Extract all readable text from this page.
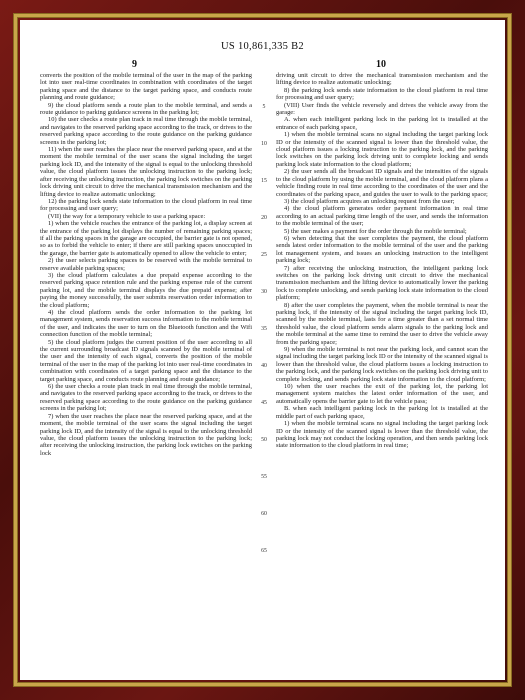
US 10,861,335 B2
9	10

converts the position of the mobile terminal of the user in the map of the parking lot into user real-time coordinates in combination with coordinates of the target parking space and the distance to the target parking space, and conducts route planning and route guidance;

9) the cloud platform sends a route plan to the mobile terminal, and sends a route guidance to parking guidance screens in the parking lot;

10) the user checks a route plan track in real time through the mobile terminal, and navigates to the reserved parking space according to the track, or drives to the reserved parking space according to the route guidance on the parking guidance screens in the parking lot;

11) when the user reaches the place near the reserved parking space, and at the moment the mobile terminal of the user scans the signal including the target parking lock ID, and the intensity of the signal is equal to the unlocking threshold value, the cloud platform issues the unlocking instruction to the parking lock; after receiving the unlocking instruction, the parking lock switches on the parking lock driving unit circuit to drive the mechanical transmission mechanism and the lifting device to realize automatic unlocking;

12) the parking lock sends state information to the cloud platform in real time for processing and user query;

(VII) the way for a temporary vehicle to use a parking space:

1) when the vehicle reaches the entrance of the parking lot, a display screen at the entrance of the parking lot displays the number of remaining parking spaces; if all the parking spaces in the garage are occupied, the barrier gate is not opened, so as to forbid the vehicle to enter; if there are still parking spaces unoccupied in the garage, the barrier gate is automatically opened to allow the vehicle to enter;

2) the user selects parking spaces to be reserved with the mobile terminal to reserve available parking spaces;

3) the cloud platform calculates a due prepaid expense according to the reserved parking space retention rule and the parking expense rule of the current parking lot, and the mobile terminal displays the due prepaid expense; after paying the money successfully, the user submits reservation order information to the cloud platform;

4) the cloud platform sends the order information to the parking lot management system, sends reservation success information to the mobile terminal of the user, and indicates the user to turn on the Bluetooth function and the Wifi connection function of the mobile terminal;

5) the cloud platform judges the current position of the user according to all the current surrounding broadcast ID signals scanned by the mobile terminal of the user and the intensity of each signal, converts the position of the mobile terminal of the user in the map of the parking lot into user real-time coordinates in combination with coordinates of a target parking space and the distance to the target parking space, and conducts route planning and route guidance;

6) the user checks a route plan track in real time through the mobile terminal, and navigates to the reserved parking space according to the track, or drives to the reserved parking space according to the route guidance on the parking guidance screens in the parking lot;

7) when the user reaches the place near the reserved parking space, and at the moment, the mobile terminal of the user scans the signal including the target parking lock ID, and the intensity of the signal is equal to the unlocking threshold value, the cloud platform issues the unlocking instruction to the parking lock; after receiving the unlocking instruction, the parking lock switches on the parking lock

5
10
15
20
25
30
35
40
45
50
55
60
65

driving unit circuit to drive the mechanical transmission mechanism and the lifting device to realize automatic unlocking;

8) the parking lock sends state information to the cloud platform in real time for processing and user query;

(VIII) User finds the vehicle reversely and drives the vehicle away from the garage:

A. when each intelligent parking lock in the parking lot is installed at the entrance of each parking space,

1) when the mobile terminal scans no signal including the target parking lock ID or the intensity of the scanned signal is lower than the threshold value, the cloud platform issues a locking instruction to the parking lock, and the parking lock switches on the parking lock driving unit to complete locking and sends parking lock state information to the cloud platform;

2) the user sends all the broadcast ID signals and the intensities of the signals to the cloud platform by using the mobile terminal, and the cloud platform plans a vehicle finding route in real time according to the coordinates of the user and the coordinates of the parking space, and guides the user to walk to the parking space;

3) the cloud platform acquires an unlocking request from the user;

4) the cloud platform generates order payment information in real time according to an actual parking time length of the user, and sends the information to the mobile terminal of the user;

5) the user makes a payment for the order through the mobile terminal;

6) when detecting that the user completes the payment, the cloud platform sends latest order information to the mobile terminal of the user and the parking lot management system, and issues an unlocking instruction to the intelligent parking lock;

7) after receiving the unlocking instruction, the intelligent parking lock switches on the parking lock driving unit circuit to drive the mechanical transmission mechanism and the lifting device to automatically lower the parking lock to complete unlocking, and sends parking lock state information to the cloud platform;

8) after the user completes the payment, when the mobile terminal is near the parking lock, if the intensity of the signal including the target parking lock ID, scanned by the mobile terminal, lasts for a time greater than a set normal time threshold value, the cloud platform sends alarm signals to the parking lock and the mobile terminal at the same time to remind the user to drive the vehicle away from the parking space;

9) when the mobile terminal is not near the parking lock, and cannot scan the signal including the target parking lock ID or the intensity of the scanned signal is lower than the threshold value, the cloud platform issues a locking instruction to the parking lock, and the parking lock switches on the parking lock driving unit to complete locking, and sends parking lock state information to the cloud platform;

10) when the user reaches the exit of the parking lot, the parking lot management system matches the latest order information of the user, and automatically opens the barrier gate to let the vehicle pass;

B. when each intelligent parking lock in the parking lot is installed at the middle part of each parking space,

1) when the mobile terminal scans no signal including the target parking lock ID or the intensity of the scanned signal is lower than the threshold value, the parking lock may not conduct the locking operation, and then sends parking lock state information to the cloud platform in real time;
